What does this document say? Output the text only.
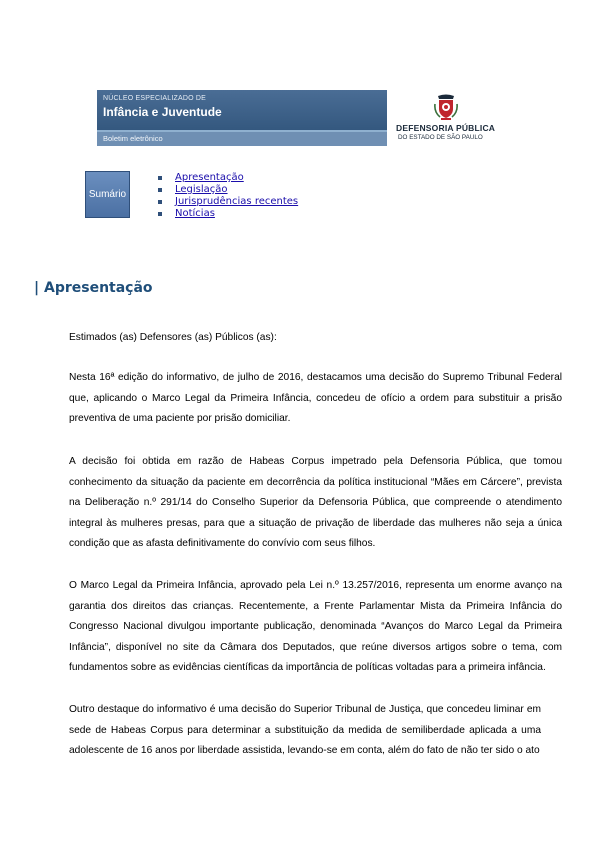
NÚCLEO ESPECIALIZADO DE
Infância e Juventude
Boletim eletrônico
DEFENSORIA PÚBLICA
DO ESTADO DE SÃO PAULO
Sumário
Apresentação
Legislação
Jurisprudências recentes
Notícias
| Apresentação

Estimados (as) Defensores (as) Públicos (as):

Nesta 16ª edição do informativo, de julho de 2016, destacamos uma decisão do Supremo Tribunal Federal que, aplicando o Marco Legal da Primeira Infância, concedeu de ofício a ordem para substituir a prisão preventiva de uma paciente por prisão domiciliar.

A decisão foi obtida em razão de Habeas Corpus impetrado pela Defensoria Pública, que tomou conhecimento da situação da paciente em decorrência da política institucional “Mães em Cárcere”, prevista na Deliberação n.º 291/14 do Conselho Superior da Defensoria Pública, que compreende o atendimento integral às mulheres presas, para que a situação de privação de liberdade das mulheres não seja a única condição que as afasta definitivamente do convívio com seus filhos.

O Marco Legal da Primeira Infância, aprovado pela Lei n.º 13.257/2016, representa um enorme avanço na garantia dos direitos das crianças. Recentemente, a Frente Parlamentar Mista da Primeira Infância do Congresso Nacional divulgou importante publicação, denominada “Avanços do Marco Legal da Primeira Infância”, disponível no site da Câmara dos Deputados, que reúne diversos artigos sobre o tema, com fundamentos sobre as evidências científicas da importância de políticas voltadas para a primeira infância.

Outro destaque do informativo é uma decisão do Superior Tribunal de Justiça, que concedeu liminar em sede de Habeas Corpus para determinar a substituição da medida de semiliberdade aplicada a uma adolescente de 16 anos por liberdade assistida, levando-se em conta, além do fato de não ter sido o ato
